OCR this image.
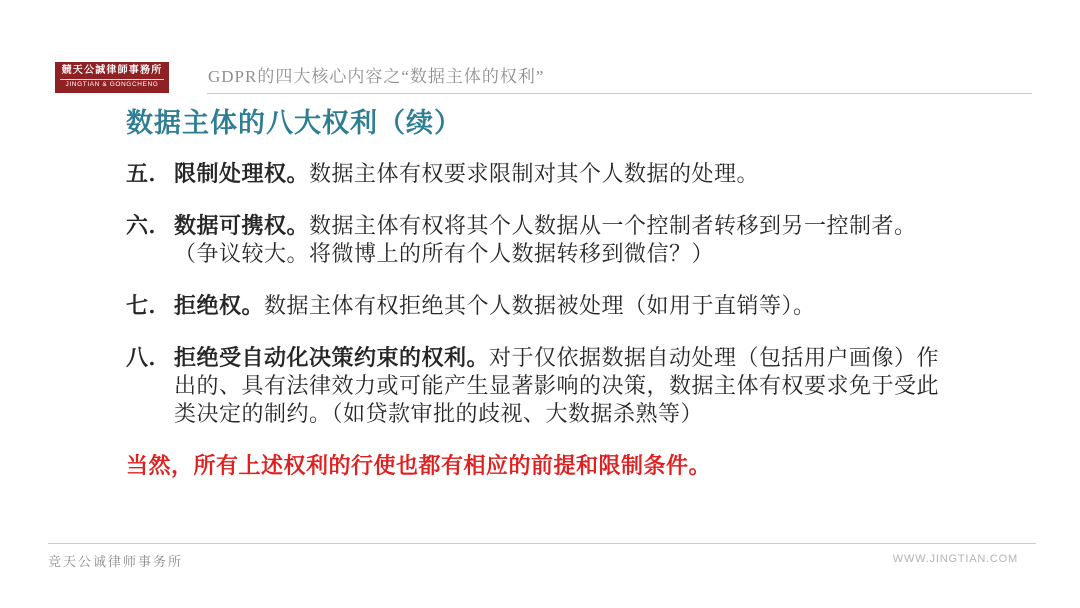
競天公誠律師事務所
JINGTIAN & GONGCHENG	GDPR的四大核心内容之“数据主体的权利”
数据主体的八大权利（续）
五． 限制处理权。数据主体有权要求限制对其个人数据的处理。
六． 数据可携权。数据主体有权将其个人数据从一个控制者转移到另一控制者。
（争议较大。将微博上的所有个人数据转移到微信？）
七． 拒绝权。数据主体有权拒绝其个人数据被处理（如用于直销等）。
八． 拒绝受自动化决策约束的权利。对于仅依据数据自动处理（包括用户画像）作
出的、具有法律效力或可能产生显著影响的决策，数据主体有权要求免于受此
类决定的制约。（如贷款审批的歧视、大数据杀熟等）
当然，所有上述权利的行使也都有相应的前提和限制条件。
竞天公诚律师事务所	WWW.JINGTIAN.COM
